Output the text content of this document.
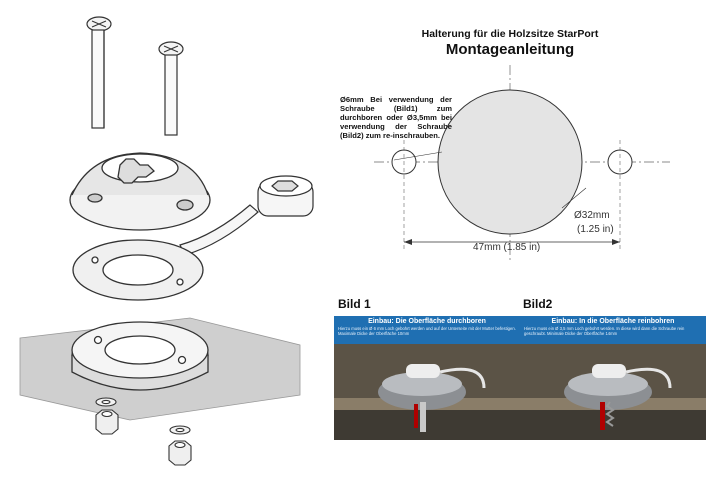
Halterung für die Holzsitze StarPort
Montageanleitung
Ø6mm Bei verwendung der Schraube (Bild1) zum durchboren oder Ø3,5mm bei verwendung der Schraube (Bild2) zum re-inschrauben.
Ø32mm
(1.25 in)
47mm (1.85 in)
Bild 1	Bild2
Einbau: Die Oberfläche durchboren
Hierzu muss ein Ø 6 mm Loch gebohrt werden und auf der Unterseite mit der Mutter befestigen. Maximale Dicke der Oberfläche 10mm
Einbau: In die Oberfläche reinbohren
Hierzu muss ein Ø 3,5 mm Loch gebohrt werden. In diese wird dann die Schraube rein geschraubt. Minimale Dicke der Oberfläche 14mm
